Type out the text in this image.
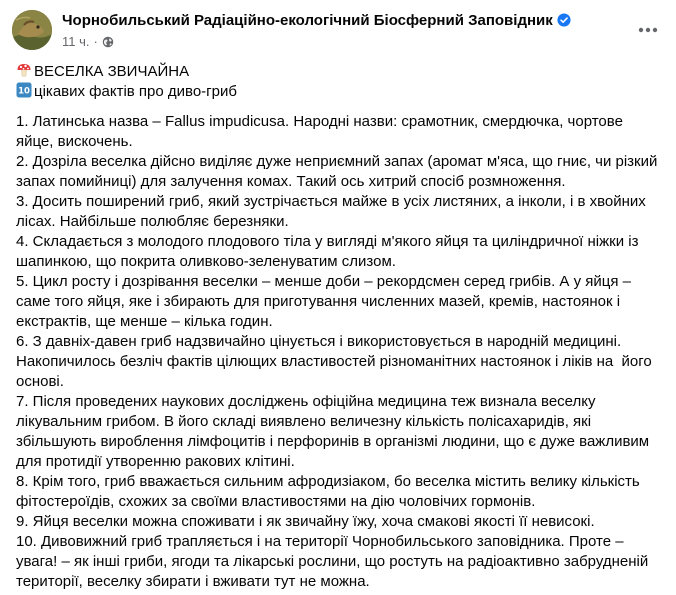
Чорнобильський Радіаційно-екологічний Біосферний Заповідник
11 ч. ·

ВЕСЕЛКА ЗВИЧАЙНА

10 цікавих фактів про диво-гриб

1. Латинська назва – Fallus impudicusa. Народні назви: срамотник, смердючка, чортове яйце, вискочень.

2. Дозріла веселка дійсно виділяє дуже неприємний запах (аромат м'яса, що гниє, чи різкий запах помийниці) для залучення комах. Такий ось хитрий спосіб розмноження.

3. Досить поширений гриб, який зустрічається майже в усіх листяних, а інколи, і в хвойних лісах. Найбільше полюбляє березняки.

4. Складається з молодого плодового тіла у вигляді м'якого яйця та циліндричної ніжки із шапинкою, що покрита оливково-зеленуватим слизом.

5. Цикл росту і дозрівання веселки – менше доби – рекордсмен серед грибів. А у яйця – саме того яйця, яке і збирають для приготування численних мазей, кремів, настоянок і екстрактів, ще менше – кілька годин.

6. З давніх-давен гриб надзвичайно цінується і використовується в народній медицині. Накопичилось безліч фактів цілющих властивостей різноманітних настоянок і ліків на  його основі.

7. Після проведених наукових досліджень офіційна медицина теж визнала веселку лікувальним грибом. В його складі виявлено величезну кількість полісахаридів, які збільшують вироблення лімфоцитів і перфоринів в організмі людини, що є дуже важливим для протидії утворенню ракових клітині.

8. Крім того, гриб вважається сильним афродизіаком, бо веселка містить велику кількість фітостероїдів, схожих за своїми властивостями на дію чоловічих гормонів.

9. Яйця веселки можна споживати і як звичайну їжу, хоча смакові якості її невисокі.

10. Дивовижний гриб трапляється і на території Чорнобильського заповідника. Проте – увага! – як інші гриби, ягоди та лікарські рослини, що ростуть на радіоактивно забрудненій території, веселку збирати і вживати тут не можна.
